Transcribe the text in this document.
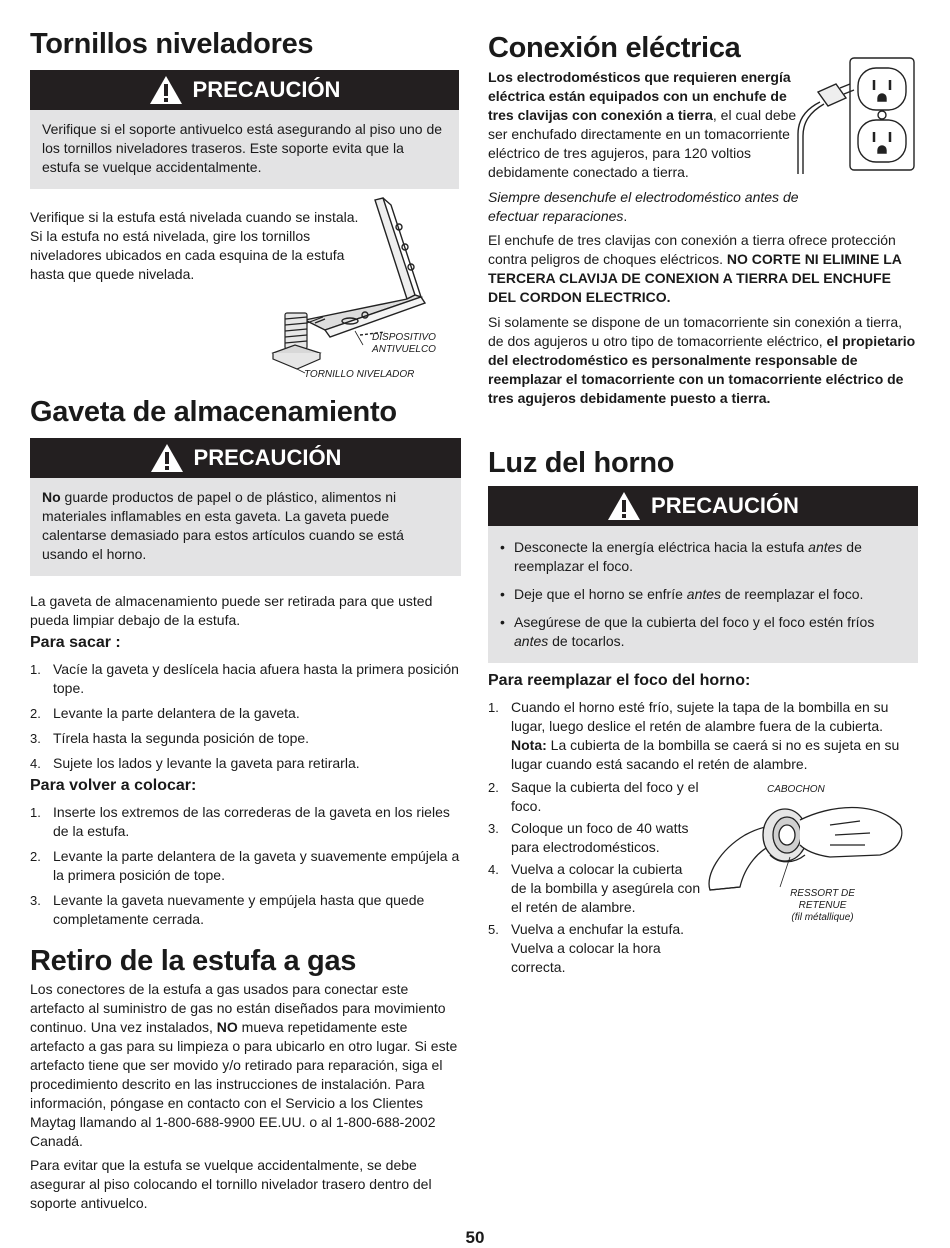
Tornillos niveladores
PRECAUCIÓN
Verifique si el soporte antivuelco está asegurando al piso uno de los tornillos niveladores traseros. Este soporte evita que la estufa se vuelque accidentalmente.

Verifique si la estufa está nivelada cuando se instala. Si la estufa no está nivelada, gire los tornillos niveladores ubicados en cada esquina de la estufa hasta que quede nivelada.

DISPOSITIVO
ANTIVUELCO
TORNILLO NIVELADOR
Gaveta de almacenamiento
PRECAUCIÓN
No guarde productos de papel o de plástico, alimentos ni materiales inflamables en esta gaveta. La gaveta puede calentarse demasiado para estos artículos cuando se está usando el horno.

La gaveta de almacenamiento puede ser retirada para que usted pueda limpiar debajo de la estufa.

Para sacar :
1. Vacíe la gaveta y deslícela hacia afuera hasta la primera posición tope.
2. Levante la parte delantera de la gaveta.
3. Tírela hasta la segunda posición de tope.
4. Sujete los lados y levante la gaveta para retirarla.
Para volver a colocar:
1. Inserte los extremos de las correderas de la gaveta en los rieles de la estufa.
2. Levante la parte delantera de la gaveta y suavemente empújela a la primera posición de tope.
3. Levante la gaveta nuevamente y empújela hasta que quede completamente cerrada.
Retiro de la estufa a gas

Los conectores de la estufa a gas usados para conectar este artefacto al suministro de gas no están diseñados para movimiento continuo. Una vez instalados, NO mueva repetidamente este artefacto a gas para su limpieza o para ubicarlo en otro lugar. Si este artefacto tiene que ser movido y/o retirado para reparación, siga el procedimiento descrito en las instrucciones de instalación. Para información, póngase en contacto con el Servicio a los Clientes Maytag llamando al 1-800-688-9900 EE.UU. o al 1-800-688-2002 Canadá.

Para evitar que la estufa se vuelque accidentalmente, se debe asegurar al piso colocando el tornillo nivelador trasero dentro del soporte antivuelco.

Conexión eléctrica

Los electrodomésticos que requieren energía eléctrica están equipados con un enchufe de tres clavijas con conexión a tierra, el cual debe ser enchufado directamente en un tomacorriente eléctrico de tres agujeros, para 120 voltios debidamente conectado a tierra.

Siempre desenchufe el electrodoméstico antes de efectuar reparaciones.

El enchufe de tres clavijas con conexión a tierra ofrece protección contra peligros de choques eléctricos. NO CORTE NI ELIMINE LA TERCERA CLAVIJA DE CONEXION A TIERRA DEL ENCHUFE DEL CORDON ELECTRICO.

Si solamente se dispone de un tomacorriente sin conexión a tierra, de dos agujeros u otro tipo de tomacorriente eléctrico, el propietario del electrodoméstico es personalmente responsable de reemplazar el tomacorriente con un tomacorriente eléctrico de tres agujeros debidamente puesto a tierra.

Luz del horno
PRECAUCIÓN
• Desconecte la energía eléctrica hacia la estufa antes de reemplazar el foco.
• Deje que el horno se enfríe antes de reemplazar el foco.
• Asegúrese de que la cubierta del foco y el foco estén fríos antes de tocarlos.
Para reemplazar el foco del horno:
1. Cuando el horno esté frío, sujete la tapa de la bombilla en su lugar, luego deslice el retén de alambre fuera de la cubierta. Nota: La cubierta de la bombilla se caerá si no es sujeta en su lugar cuando está sacando el retén de alambre.
2. Saque la cubierta del foco y el foco.
3. Coloque un foco de 40 watts para electrodomésticos.
4. Vuelva a colocar la cubierta de la bombilla y asegúrela con el retén de alambre.
5. Vuelva a enchufar la estufa. Vuelva a colocar la hora correcta.
CABOCHON
RESSORT DE RETENUE
(fil métallique)
50
